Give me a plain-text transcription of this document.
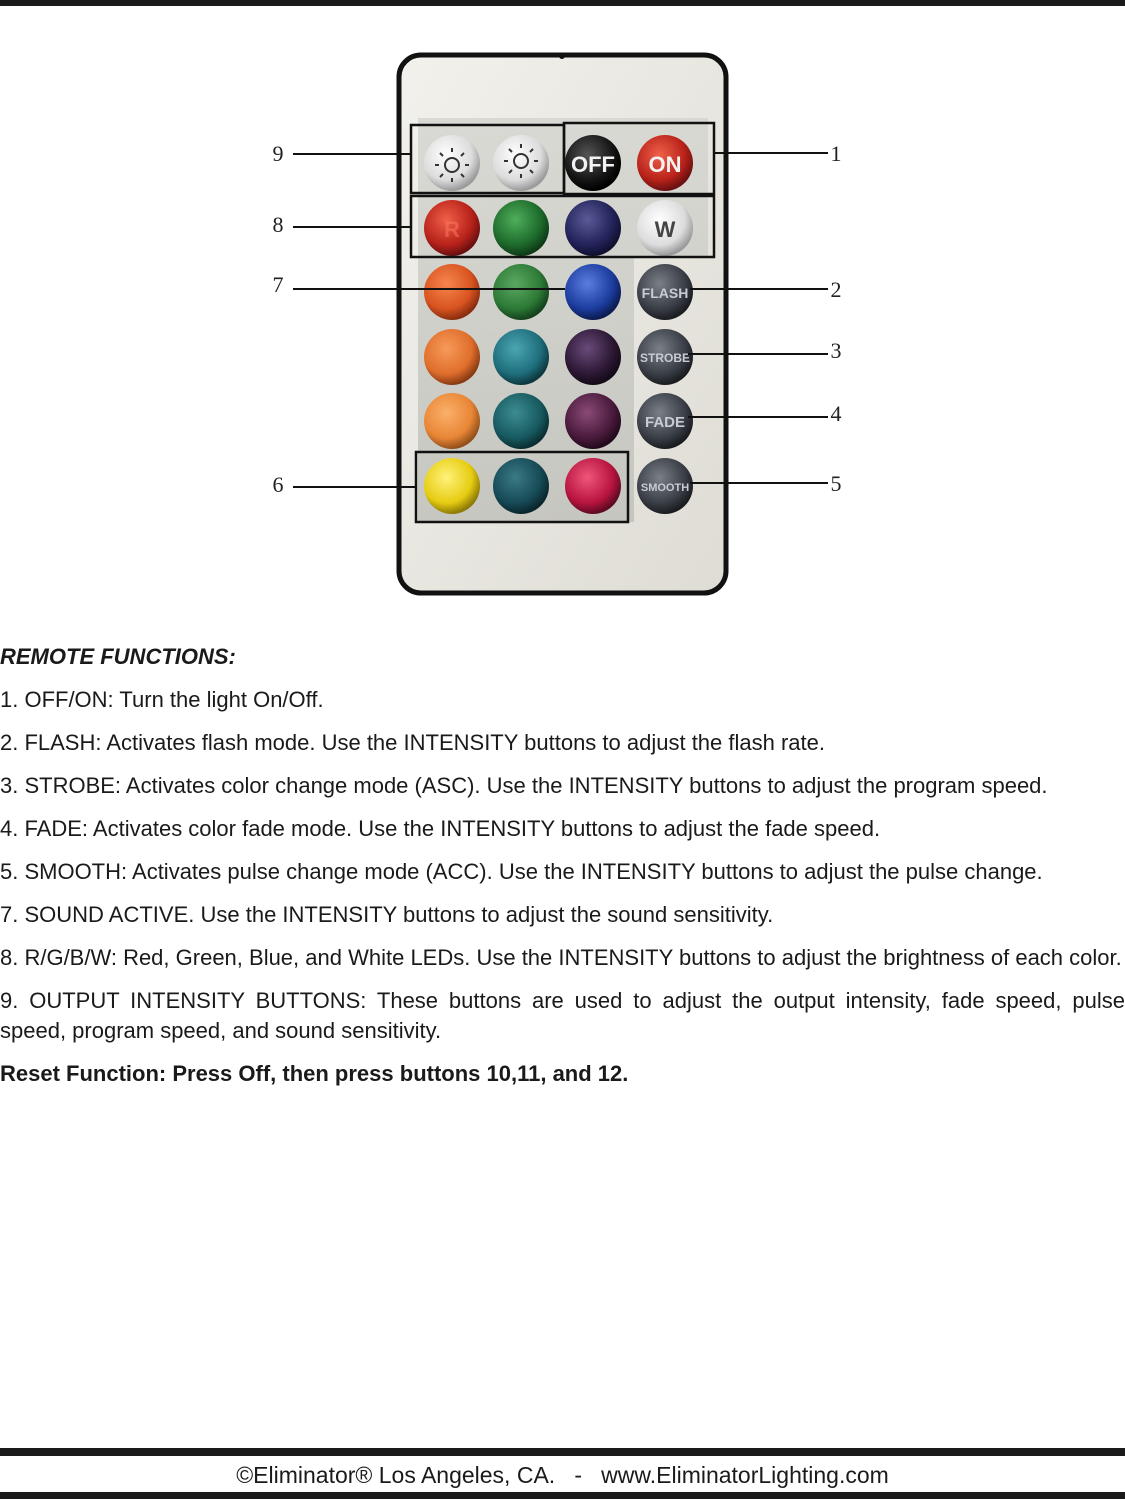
OFF ON
R	W
FLASH
STROBE
FADE
SMOOTH
9
8
7
6
1
2
3
4
5

REMOTE FUNCTIONS:

1. OFF/ON: Turn the light On/Off.

2. FLASH: Activates flash mode. Use the INTENSITY buttons to adjust the flash rate.

3. STROBE: Activates color change mode (ASC). Use the INTENSITY buttons to adjust the program speed.

4. FADE: Activates color fade mode. Use the INTENSITY buttons to adjust the fade speed.

5. SMOOTH: Activates pulse change mode (ACC). Use the INTENSITY buttons to adjust the pulse change.

7. SOUND ACTIVE. Use the INTENSITY buttons to adjust the sound sensitivity.

8. R/G/B/W: Red, Green, Blue, and White LEDs. Use the INTENSITY buttons to adjust the brightness of each color.

9. OUTPUT INTENSITY BUTTONS: These buttons are used to adjust the output intensity, fade speed, pulse speed, program speed, and sound sensitivity.

Reset Function: Press Off, then press buttons 10,11, and 12.

©Eliminator® Los Angeles, CA.   -   www.EliminatorLighting.com
